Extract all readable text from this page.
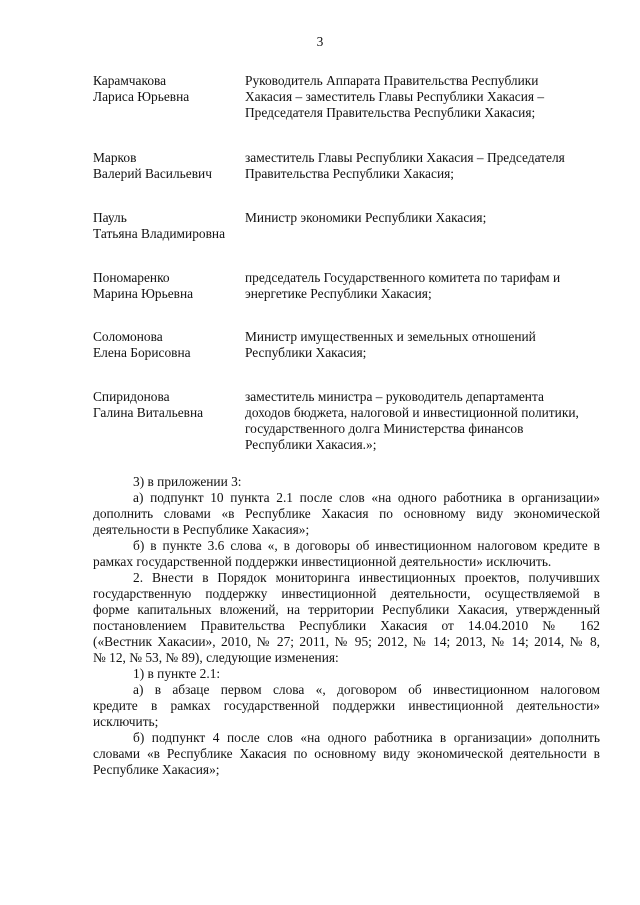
3
Карамчакова
Лариса Юрьевна
Руководитель Аппарата Правительства Республики
Хакасия – заместитель Главы Республики Хакасия –
Председателя Правительства Республики Хакасия;
Марков
Валерий Васильевич
заместитель Главы Республики Хакасия – Председателя
Правительства Республики Хакасия;
Пауль
Татьяна Владимировна
Министр экономики Республики Хакасия;
Пономаренко
Марина Юрьевна
председатель Государственного комитета по тарифам и
энергетике Республики Хакасия;
Соломонова
Елена Борисовна
Министр имущественных и земельных отношений
Республики Хакасия;
Спиридонова
Галина Витальевна
заместитель министра – руководитель департамента
доходов бюджета, налоговой и инвестиционной политики,
государственного долга Министерства финансов
Республики Хакасия.»;

3) в приложении 3:

а) подпункт 10 пункта 2.1 после слов «на одного работника в организации»
дополнить словами «в Республике Хакасия по основному виду экономической
деятельности в Республике Хакасия»;

б) в пункте 3.6 слова «, в договоры об инвестиционном налоговом кредите в
рамках государственной поддержки инвестиционной деятельности» исключить.

2. Внести в Порядок мониторинга инвестиционных проектов, получивших
государственную поддержку инвестиционной деятельности, осуществляемой в
форме капитальных вложений, на территории Республики Хакасия, утвержденный
постановлением Правительства Республики Хакасия от 14.04.2010 № 162
(«Вестник Хакасии», 2010, № 27; 2011, № 95; 2012, № 14; 2013, № 14; 2014, № 8,
№ 12, № 53, № 89), следующие изменения:

1) в пункте 2.1:

а) в абзаце первом слова «, договором об инвестиционном налоговом
кредите в рамках государственной поддержки инвестиционной деятельности»
исключить;

б) подпункт 4 после слов «на одного работника в организации» дополнить
словами «в Республике Хакасия по основному виду экономической деятельности в
Республике Хакасия»;
